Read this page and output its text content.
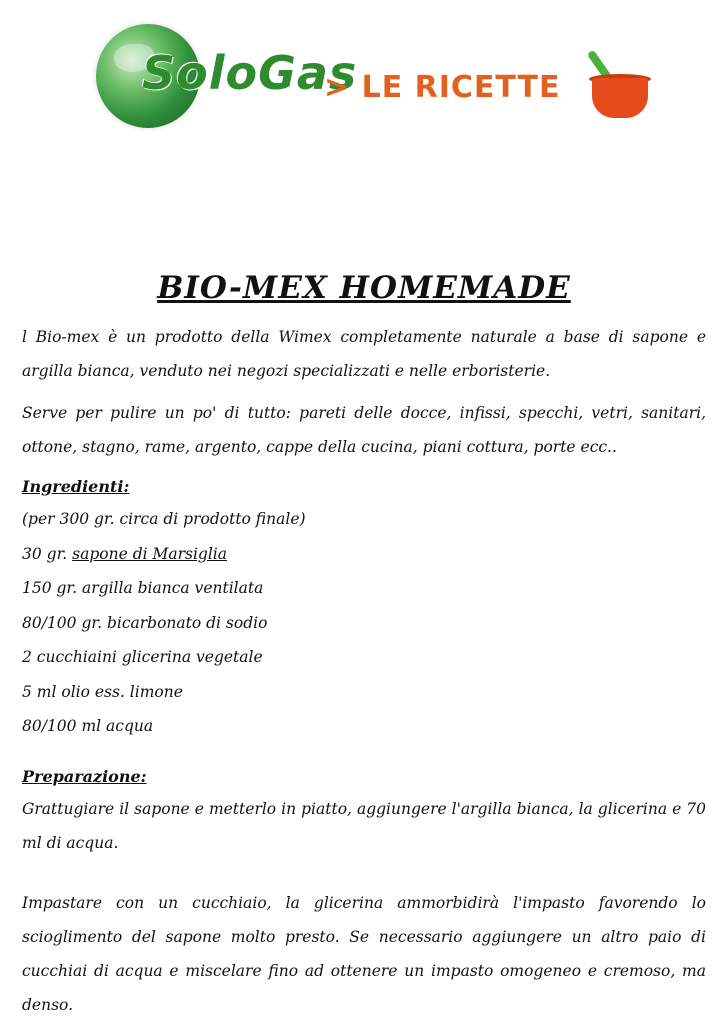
SoloGas
> LE RICETTE
BIO-MEX HOMEMADE

l Bio-mex è un prodotto della Wimex completamente naturale a base di sapone e argilla bianca, venduto nei negozi specializzati e nelle erboristerie.

Serve per pulire un po' di tutto: pareti delle docce, infissi, specchi, vetri, sanitari, ottone, stagno, rame, argento, cappe della cucina, piani cottura, porte ecc..

Ingredienti:

(per 300 gr. circa di prodotto finale)

30 gr. sapone di Marsiglia

150 gr. argilla bianca ventilata

80/100 gr. bicarbonato di sodio

2 cucchiaini glicerina vegetale

5 ml olio ess. limone

80/100 ml acqua

Preparazione:

Grattugiare il sapone e metterlo in piatto, aggiungere l'argilla bianca, la glicerina e 70 ml di acqua.

Impastare con un cucchiaio, la glicerina ammorbidirà l'impasto favorendo lo scioglimento del sapone molto presto. Se necessario aggiungere un altro paio di cucchiai di acqua e miscelare fino ad ottenere un impasto omogeneo e cremoso, ma denso.
